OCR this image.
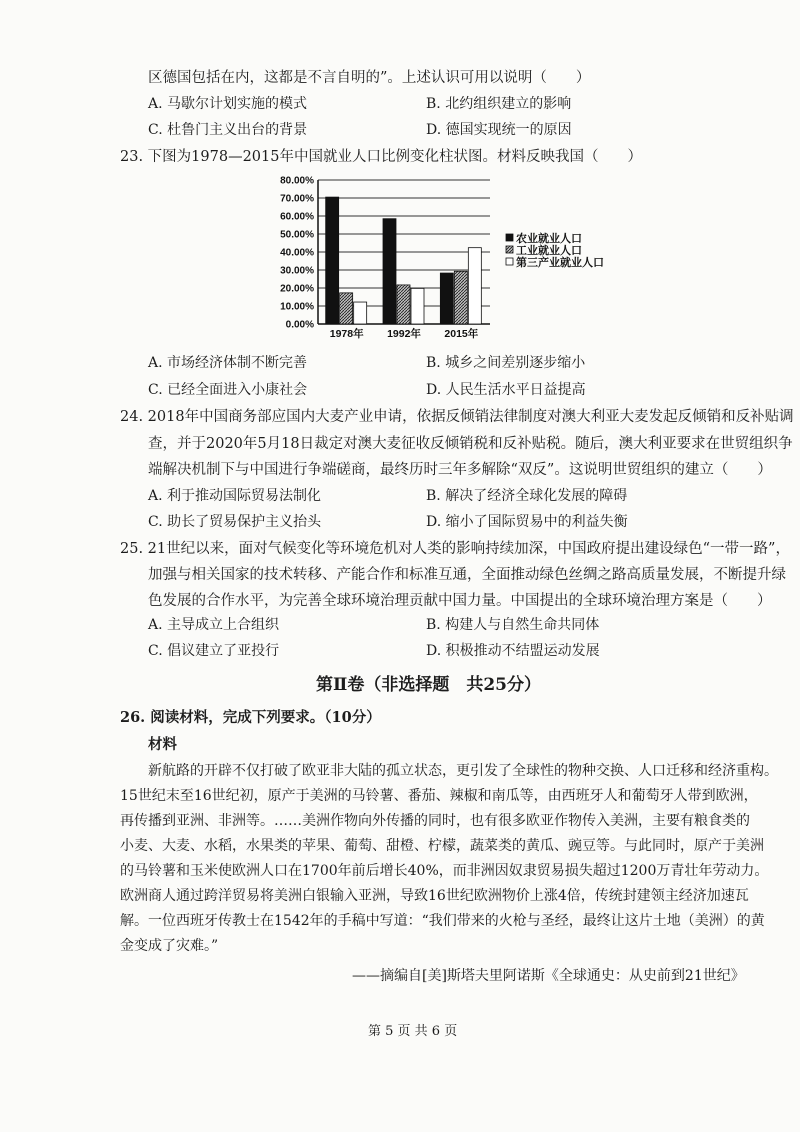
区德国包括在内，这都是不言自明的”。上述认识可用以说明（　　）
A. 马歇尔计划实施的模式	B. 北约组织建立的影响
C. 杜鲁门主义出台的背景	D. 德国实现统一的原因
23. 下图为1978—2015年中国就业人口比例变化柱状图。材料反映我国（　　）
0.00%
10.00%
20.00%
30.00%
40.00%
50.00%
60.00%
70.00%
80.00%
1978年 1992年 2015年
农业就业人口
工业就业人口
第三产业就业人口
A. 市场经济体制不断完善	B. 城乡之间差别逐步缩小
C. 已经全面进入小康社会	D. 人民生活水平日益提高
24. 2018年中国商务部应国内大麦产业申请，依据反倾销法律制度对澳大利亚大麦发起反倾销和反补贴调
查，并于2020年5月18日裁定对澳大麦征收反倾销税和反补贴税。随后，澳大利亚要求在世贸组织争
端解决机制下与中国进行争端磋商，最终历时三年多解除“双反”。这说明世贸组织的建立（　　）
A. 利于推动国际贸易法制化	B. 解决了经济全球化发展的障碍
C. 助长了贸易保护主义抬头	D. 缩小了国际贸易中的利益失衡
25. 21世纪以来，面对气候变化等环境危机对人类的影响持续加深，中国政府提出建设绿色“一带一路”，
加强与相关国家的技术转移、产能合作和标准互通，全面推动绿色丝绸之路高质量发展，不断提升绿
色发展的合作水平，为完善全球环境治理贡献中国力量。中国提出的全球环境治理方案是（　　）
A. 主导成立上合组织	B. 构建人与自然生命共同体
C. 倡议建立了亚投行	D. 积极推动不结盟运动发展
第Ⅱ卷（非选择题　共25分）
26. 阅读材料，完成下列要求。（10分）
材料
新航路的开辟不仅打破了欧亚非大陆的孤立状态，更引发了全球性的物种交换、人口迁移和经济重构。
15世纪末至16世纪初，原产于美洲的马铃薯、番茄、辣椒和南瓜等，由西班牙人和葡萄牙人带到欧洲，
再传播到亚洲、非洲等。……美洲作物向外传播的同时，也有很多欧亚作物传入美洲，主要有粮食类的
小麦、大麦、水稻，水果类的苹果、葡萄、甜橙、柠檬，蔬菜类的黄瓜、豌豆等。与此同时，原产于美洲
的马铃薯和玉米使欧洲人口在1700年前后增长40%，而非洲因奴隶贸易损失超过1200万青壮年劳动力。
欧洲商人通过跨洋贸易将美洲白银输入亚洲，导致16世纪欧洲物价上涨4倍，传统封建领主经济加速瓦
解。一位西班牙传教士在1542年的手稿中写道：“我们带来的火枪与圣经，最终让这片土地（美洲）的黄
金变成了灾难。”
——摘编自[美]斯塔夫里阿诺斯《全球通史：从史前到21世纪》
第 5 页 共 6 页
